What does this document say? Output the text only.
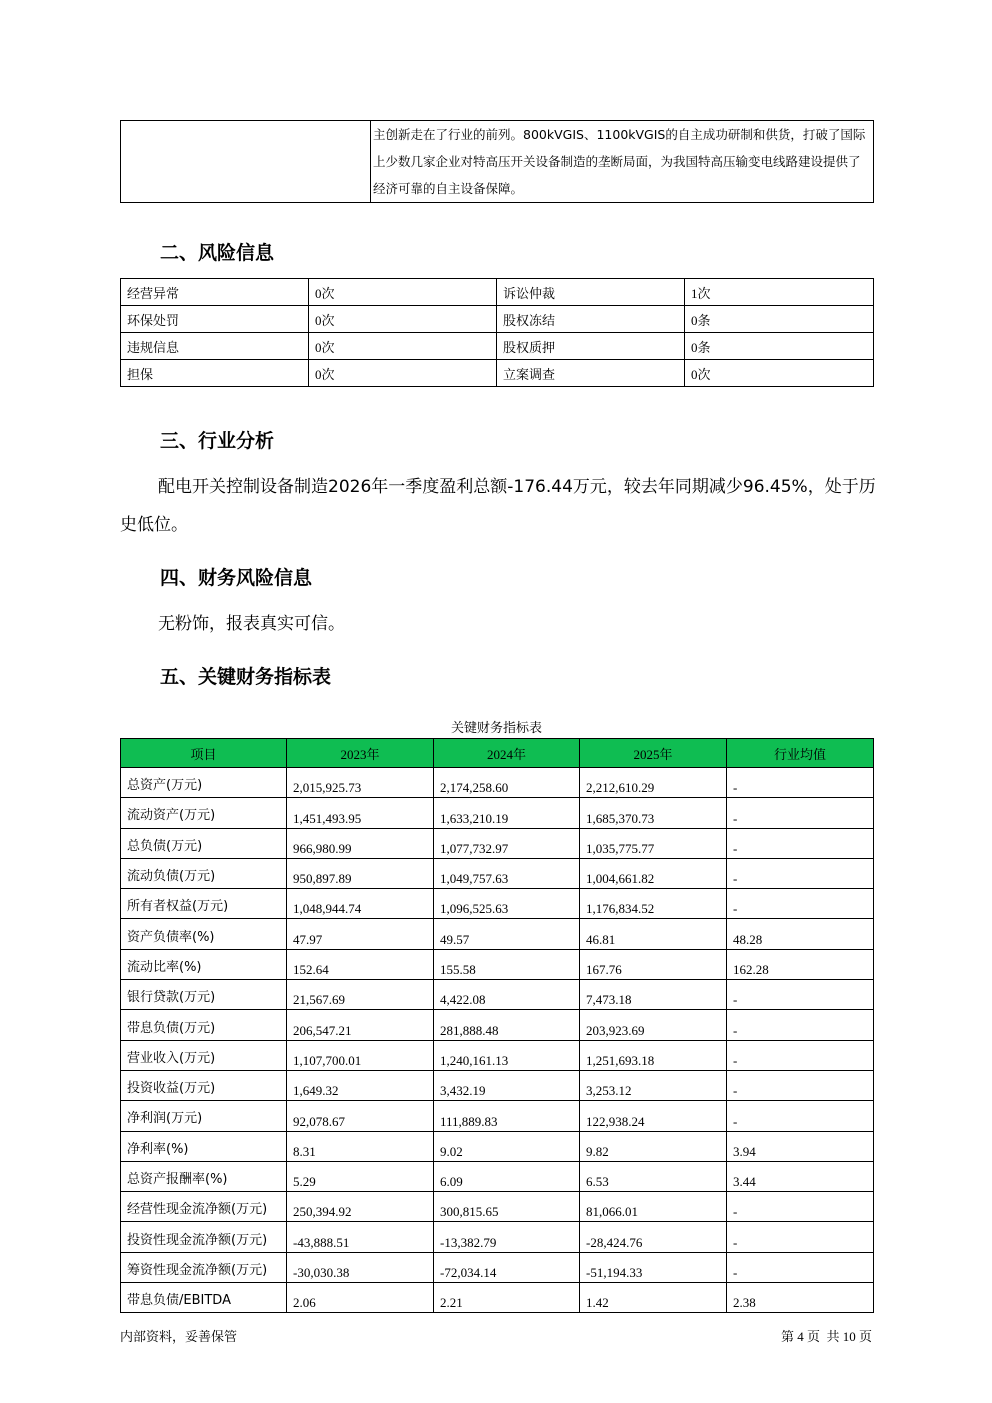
	主创新走在了行业的前列。800kVGIS、1100kVGIS的自主成功研制和供货，打破了国际上少数几家企业对特高压开关设备制造的垄断局面，为我国特高压输变电线路建设提供了经济可靠的自主设备保障。
二、风险信息
经营异常	0次	诉讼仲裁	1次
环保处罚	0次	股权冻结	0条
违规信息	0次	股权质押	0条
担保	0次	立案调查	0次
三、行业分析

配电开关控制设备制造2026年一季度盈利总额-176.44万元，较去年同期减少96.45%，处于历史低位。

四、财务风险信息

无粉饰，报表真实可信。

五、关键财务指标表
关键财务指标表
项目	2023年	2024年	2025年	行业均值
总资产(万元)	2,015,925.73	2,174,258.60	2,212,610.29	-
流动资产(万元)	1,451,493.95	1,633,210.19	1,685,370.73	-
总负债(万元)	966,980.99	1,077,732.97	1,035,775.77	-
流动负债(万元)	950,897.89	1,049,757.63	1,004,661.82	-
所有者权益(万元)	1,048,944.74	1,096,525.63	1,176,834.52	-
资产负债率(%)	47.97	49.57	46.81	48.28
流动比率(%)	152.64	155.58	167.76	162.28
银行贷款(万元)	21,567.69	4,422.08	7,473.18	-
带息负债(万元)	206,547.21	281,888.48	203,923.69	-
营业收入(万元)	1,107,700.01	1,240,161.13	1,251,693.18	-
投资收益(万元)	1,649.32	3,432.19	3,253.12	-
净利润(万元)	92,078.67	111,889.83	122,938.24	-
净利率(%)	8.31	9.02	9.82	3.94
总资产报酬率(%)	5.29	6.09	6.53	3.44
经营性现金流净额(万元)	250,394.92	300,815.65	81,066.01	-
投资性现金流净额(万元)	-43,888.51	-13,382.79	-28,424.76	-
筹资性现金流净额(万元)	-30,030.38	-72,034.14	-51,194.33	-
带息负债/EBITDA	2.06	2.21	1.42	2.38
内部资料，妥善保管	第 4 页  共 10 页
